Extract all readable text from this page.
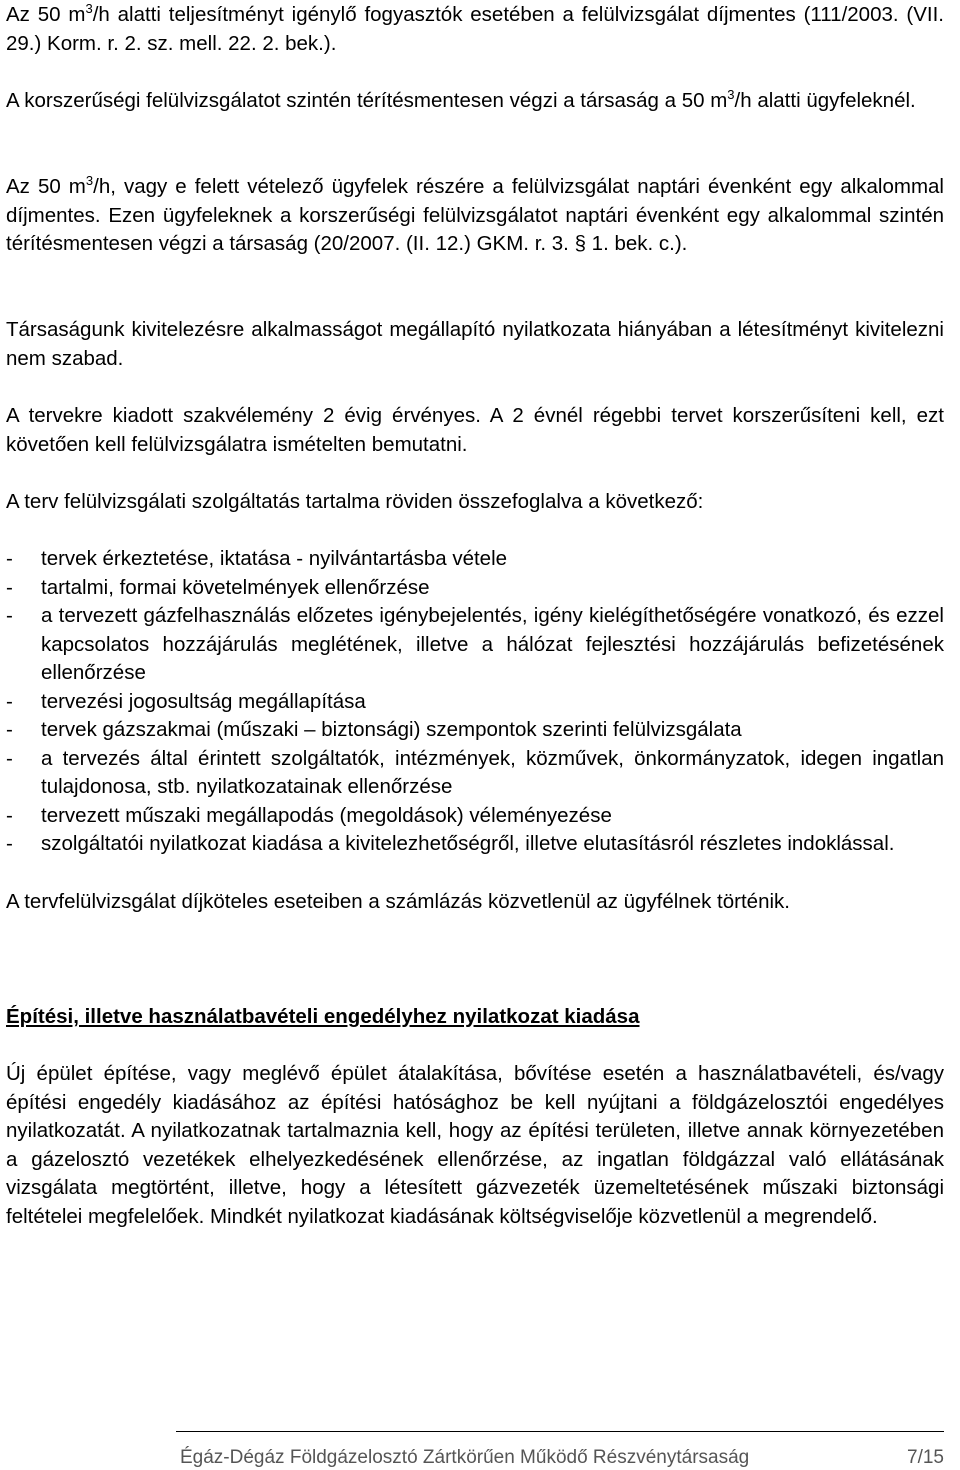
Az 50 $m^3/h$ alatti teljesítményt igénylő fogyasztók esetében a felülvizsgálat díjmentes (111/2003. (VII. 29.) Korm. r. 2. sz. mell. 22. 2. bek.).

A korszerűségi felülvizsgálatot szintén térítésmentesen végzi a társaság a 50 $m^3/h$ alatti ügyfeleknél.

Az 50 $m^3/h$, vagy e felett vételező ügyfelek részére a felülvizsgálat naptári évenként egy alkalommal díjmentes. Ezen ügyfeleknek a korszerűségi felülvizsgálatot naptári évenként egy alkalommal szintén térítésmentesen végzi a társaság (20/2007. (II. 12.) GKM. r. 3. § 1. bek. c.).

Társaságunk kivitelezésre alkalmasságot megállapító nyilatkozata hiányában a létesítményt kivitelezni nem szabad.

A tervekre kiadott szakvélemény 2 évig érvényes. A 2 évnél régebbi tervet korszerűsíteni kell, ezt követően kell felülvizsgálatra ismételten bemutatni.

A terv felülvizsgálati szolgáltatás tartalma röviden összefoglalva a következő:

- tervek érkeztetése, iktatása - nyilvántartásba vétele
- tartalmi, formai követelmények ellenőrzése
- a tervezett gázfelhasználás előzetes igénybejelentés, igény kielégíthetőségére vonatkozó, és ezzel kapcsolatos hozzájárulás meglétének, illetve a hálózat fejlesztési hozzájárulás befizetésének ellenőrzése
- tervezési jogosultság megállapítása
- tervek gázszakmai (műszaki – biztonsági) szempontok szerinti felülvizsgálata
- a tervezés által érintett szolgáltatók, intézmények, közművek, önkormányzatok, idegen ingatlan tulajdonosa, stb. nyilatkozatainak ellenőrzése
- tervezett műszaki megállapodás (megoldások) véleményezése
- szolgáltatói nyilatkozat kiadása a kivitelezhetőségről, illetve elutasításról részletes indoklással.

A tervfelülvizsgálat díjköteles eseteiben a számlázás közvetlenül az ügyfélnek történik.

Építési, illetve használatbavételi engedélyhez nyilatkozat kiadása

Új épület építése, vagy meglévő épület átalakítása, bővítése esetén a használatbavételi, és/vagy építési engedély kiadásához az építési hatósághoz be kell nyújtani a földgázelosztói engedélyes nyilatkozatát. A nyilatkozatnak tartalmaznia kell, hogy az építési területen, illetve annak környezetében a gázelosztó vezetékek elhelyezkedésének ellenőrzése, az ingatlan földgázzal való ellátásának vizsgálata megtörtént, illetve, hogy a létesített gázvezeték üzemeltetésének műszaki biztonsági feltételei megfelelőek. Mindkét nyilatkozat kiadásának költségviselője közvetlenül a megrendelő.

Égáz-Dégáz Földgázelosztó Zártkörűen Működő Részvénytársaság	7/15
